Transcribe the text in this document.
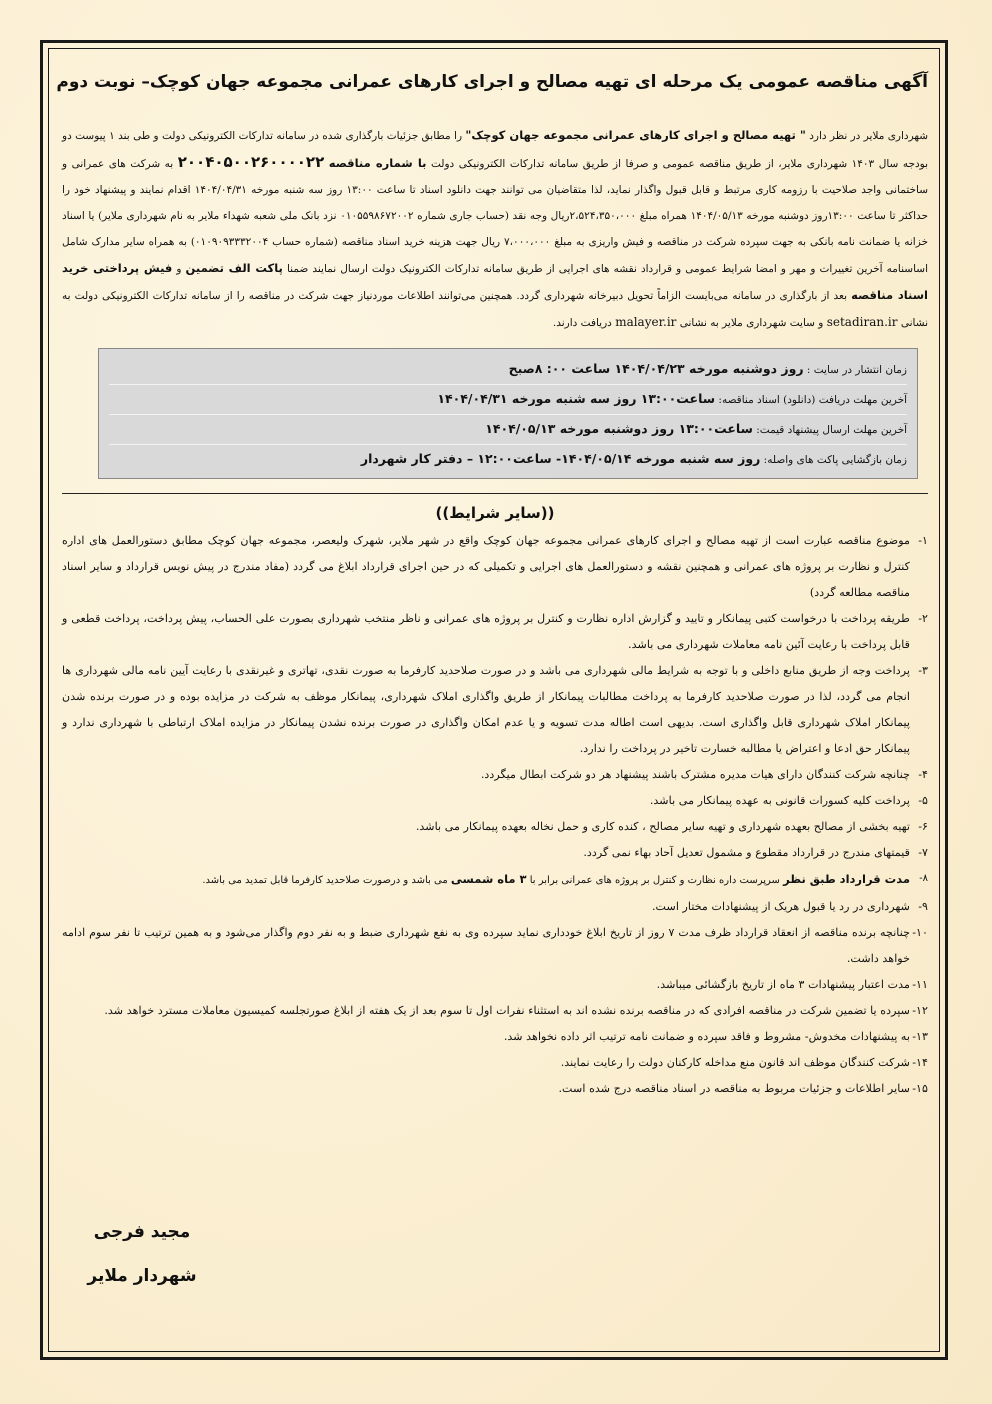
آگهی مناقصه عمومی یک مرحله ای تهیه مصالح و اجرای کارهای عمرانی مجموعه جهان کوچک– نوبت دوم

شهرداری ملایر در نظر دارد " تهیه مصالح و اجرای کارهای عمرانی مجموعه جهان کوچک" را مطابق جزئیات بارگذاری شده در سامانه تدارکات الکترونیکی دولت و طی بند ۱ پیوست دو بودجه سال ۱۴۰۳ شهرداری ملایر، از طریق مناقصه عمومی و صرفا از طریق سامانه تدارکات الکترونیکی دولت با شماره مناقصه ۲۰۰۴۰۵۰۰۲۶۰۰۰۰۲۲ به شرکت های عمرانی و ساختمانی واجد صلاحیت با رزومه کاری مرتبط و قابل قبول واگذار نماید، لذا متقاضیان می توانند جهت دانلود اسناد تا ساعت ۱۳:۰۰ روز سه شنبه مورخه ۱۴۰۴/۰۴/۳۱ اقدام نمایند و پیشنهاد خود را حداکثر تا ساعت ۱۳:۰۰روز دوشنبه مورخه ۱۴۰۴/۰۵/۱۳ همراه مبلغ ۲،۵۲۴،۳۵۰،۰۰۰ریال وجه نقد (حساب جاری شماره ۰۱۰۵۵۹۸۶۷۲۰۰۲ نزد بانک ملی شعبه شهداء ملایر به نام شهرداری ملایر) یا اسناد خزانه یا ضمانت نامه بانکی به جهت سپرده شرکت در مناقصه و فیش واریزی به مبلغ ۷،۰۰۰،۰۰۰ ریال جهت هزینه خرید اسناد مناقصه (شماره حساب ۰۱۰۹۰۹۳۳۳۲۰۰۴) به همراه سایر مدارک شامل اساسنامه آخرین تغییرات و مهر و امضا شرایط عمومی و قرارداد نقشه های اجرایی از طریق سامانه تدارکات الکترونیک دولت ارسال نمایند ضمنا پاکت الف تضمین و فیش پرداختی خرید اسناد مناقصه بعد از بارگذاری در سامانه می‌بایست الزاماً تحویل دبیرخانه شهرداری گردد. همچنین می‌توانند اطلاعات موردنیاز جهت شرکت در مناقصه را از سامانه تدارکات الکترونیکی دولت به نشانی setadiran.ir و سایت شهرداری ملایر به نشانی malayer.ir دریافت دارند.

زمان انتشار در سایت : روز دوشنبه مورخه ۱۴۰۴/۰۴/۲۳ ساعت ۰۰: ۸صبح
آخرین مهلت دریافت (دانلود) اسناد مناقصه: ساعت۱۳:۰۰ روز سه شنبه مورخه ۱۴۰۴/۰۴/۳۱
آخرین مهلت ارسال پیشنهاد قیمت: ساعت۱۳:۰۰ روز دوشنبه مورخه ۱۴۰۴/۰۵/۱۳
زمان بازگشایی پاکت های واصله: روز سه شنبه مورخه ۱۴۰۴/۰۵/۱۴- ساعت۱۲:۰۰ – دفتر کار شهردار
((سایر شرایط))
۱-
موضوع مناقصه عبارت است از تهیه مصالح و اجرای کارهای عمرانی مجموعه جهان کوچک واقع در شهر ملایر، شهرک ولیعصر، مجموعه جهان کوچک مطابق دستورالعمل های اداره کنترل و نظارت بر پروژه های عمرانی و همچنین نقشه و دستورالعمل های اجرایی و تکمیلی که در حین اجرای قرارداد ابلاغ می گردد (مفاد مندرج در پیش نویس قرارداد و سایر اسناد مناقصه مطالعه گردد)
۲-
طریقه پرداخت با درخواست کتبی پیمانکار و تایید و گزارش اداره نظارت و کنترل بر پروژه های عمرانی و ناظر منتخب شهرداری بصورت علی الحساب، پیش پرداخت، پرداخت قطعی و قابل پرداخت با رعایت آئین نامه معاملات شهرداری می باشد.
۳-
پرداخت وجه از طریق منابع داخلی و با توجه به شرایط مالی شهرداری می باشد و در صورت صلاحدید کارفرما به صورت نقدی، تهاتری و غیرنقدی با رعایت آیین نامه مالی شهرداری ها انجام می گردد، لذا در صورت صلاحدید کارفرما به پرداخت مطالبات پیمانکار از طریق واگذاری املاک شهرداری، پیمانکار موظف به شرکت در مزایده بوده و در صورت برنده شدن پیمانکار املاک شهرداری قابل واگذاری است. بدیهی است اطاله مدت تسویه و یا عدم امکان واگذاری در صورت برنده نشدن پیمانکار در مزایده املاک ارتباطی با شهرداری ندارد و پیمانکار حق ادعا و اعتراض یا مطالبه خسارت تاخیر در پرداخت را ندارد.
۴-
چنانچه شرکت کنندگان دارای هیات مدیره مشترک باشند پیشنهاد هر دو شرکت ابطال میگردد.
۵-
پرداخت کلیه کسورات قانونی به عهده پیمانکار می باشد.
۶-
تهیه بخشی از مصالح بعهده شهرداری و تهیه سایر مصالح ، کنده کاری و حمل نخاله بعهده پیمانکار می باشد.
۷-
قیمتهای مندرج در قرارداد مقطوع و مشمول تعدیل آحاد بهاء نمی گردد.
۸-
مدت قرارداد طبق نظر سرپرست داره نظارت و کنترل بر پروژه های عمرانی برابر با ۳ ماه شمسی می باشد و درصورت صلاحدید کارفرما قابل تمدید می باشد.
۹-
شهرداری در رد یا قبول هریک از پیشنهادات مختار است.
۱۰-
چنانچه برنده مناقصه از انعقاد قرارداد ظرف مدت ۷ روز از تاریخ ابلاغ خودداری نماید سپرده وی به نفع شهرداری ضبط و به نفر دوم واگذار می‌شود و به همین ترتیب تا نفر سوم ادامه خواهد داشت.
۱۱-
مدت اعتبار پیشنهادات ۳ ماه از تاریخ بازگشائی میباشد.
۱۲-
سپرده یا تضمین شرکت در مناقصه افرادی که در مناقصه برنده نشده اند به استثناء نفرات اول تا سوم بعد از یک هفته از ابلاغ صورتجلسه کمیسیون معاملات مسترد خواهد شد.
۱۳-
به پیشنهادات مخدوش- مشروط و فاقد سپرده و ضمانت نامه ترتیب اثر داده نخواهد شد.
۱۴-
شرکت کنندگان موظف اند قانون منع مداخله کارکنان دولت را رعایت نمایند.
۱۵-
سایر اطلاعات و جزئیات مربوط به مناقصه در اسناد مناقصه درج شده است.
مجید فرجی
شهردار ملایر
